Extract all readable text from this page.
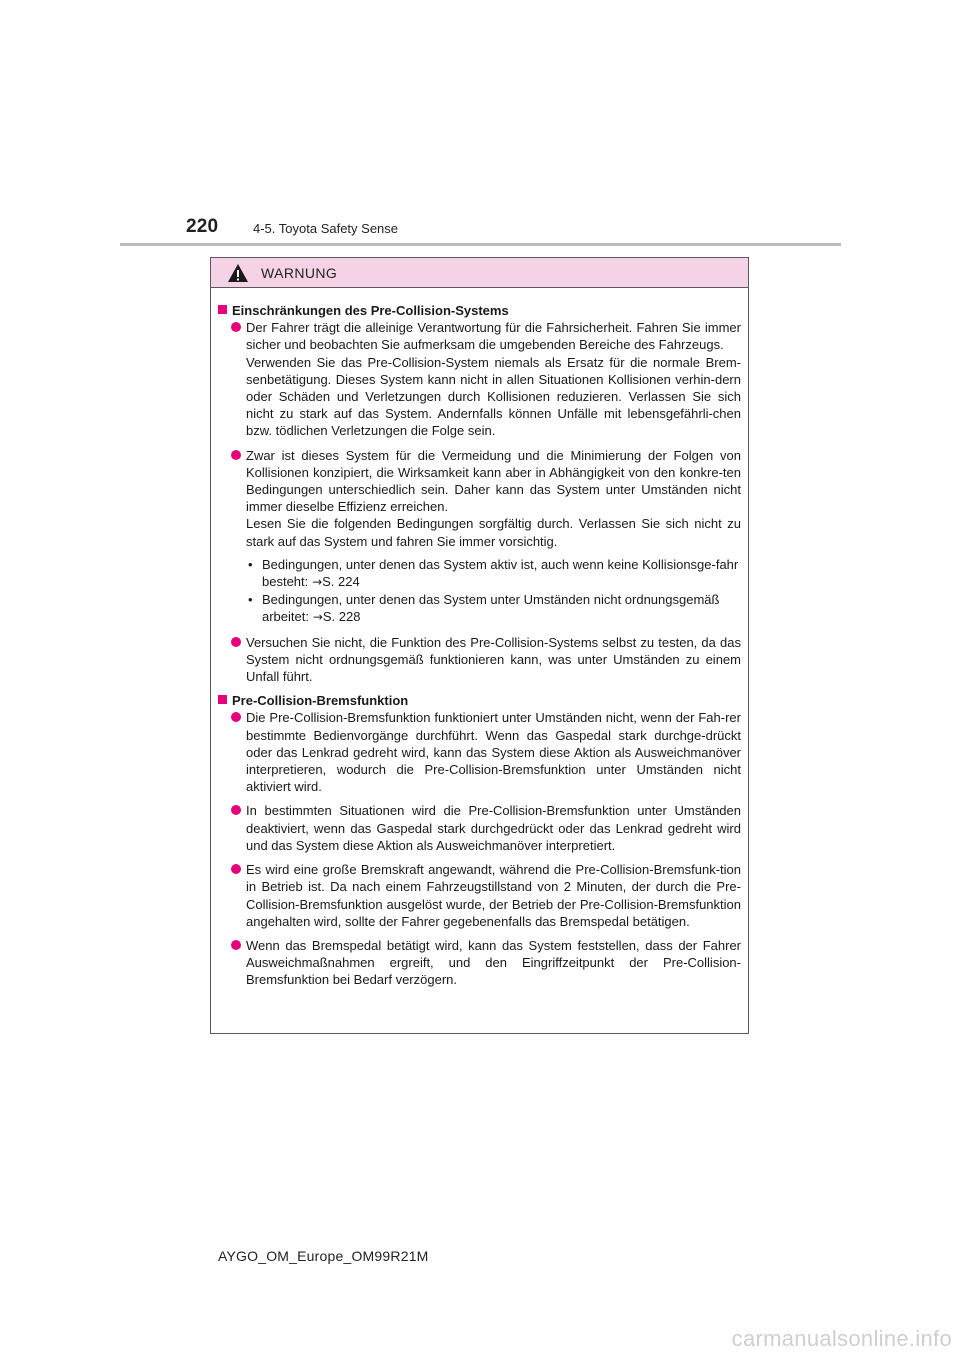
220	4-5. Toyota Safety Sense
WARNUNG
Einschränkungen des Pre-Collision-Systems
Der Fahrer trägt die alleinige Verantwortung für die Fahrsicherheit. Fahren Sie immer sicher und beobachten Sie aufmerksam die umgebenden Bereiche des Fahrzeugs.
Verwenden Sie das Pre-Collision-System niemals als Ersatz für die normale Brem-senbetätigung. Dieses System kann nicht in allen Situationen Kollisionen verhin-dern oder Schäden und Verletzungen durch Kollisionen reduzieren. Verlassen Sie sich nicht zu stark auf das System. Andernfalls können Unfälle mit lebensgefährli-chen bzw. tödlichen Verletzungen die Folge sein.
Zwar ist dieses System für die Vermeidung und die Minimierung der Folgen von Kollisionen konzipiert, die Wirksamkeit kann aber in Abhängigkeit von den konkre-ten Bedingungen unterschiedlich sein. Daher kann das System unter Umständen nicht immer dieselbe Effizienz erreichen.
Lesen Sie die folgenden Bedingungen sorgfältig durch. Verlassen Sie sich nicht zu stark auf das System und fahren Sie immer vorsichtig.
• Bedingungen, unter denen das System aktiv ist, auch wenn keine Kollisionsge-fahr besteht: →S. 224
• Bedingungen, unter denen das System unter Umständen nicht ordnungsgemäß arbeitet: →S. 228
Versuchen Sie nicht, die Funktion des Pre-Collision-Systems selbst zu testen, da das System nicht ordnungsgemäß funktionieren kann, was unter Umständen zu einem Unfall führt.
Pre-Collision-Bremsfunktion
Die Pre-Collision-Bremsfunktion funktioniert unter Umständen nicht, wenn der Fah-rer bestimmte Bedienvorgänge durchführt. Wenn das Gaspedal stark durchge-drückt oder das Lenkrad gedreht wird, kann das System diese Aktion als Ausweichmanöver interpretieren, wodurch die Pre-Collision-Bremsfunktion unter Umständen nicht aktiviert wird.
In bestimmten Situationen wird die Pre-Collision-Bremsfunktion unter Umständen deaktiviert, wenn das Gaspedal stark durchgedrückt oder das Lenkrad gedreht wird und das System diese Aktion als Ausweichmanöver interpretiert.
Es wird eine große Bremskraft angewandt, während die Pre-Collision-Bremsfunk-tion in Betrieb ist. Da nach einem Fahrzeugstillstand von 2 Minuten, der durch die Pre-Collision-Bremsfunktion ausgelöst wurde, der Betrieb der Pre-Collision-Bremsfunktion angehalten wird, sollte der Fahrer gegebenenfalls das Bremspedal betätigen.
Wenn das Bremspedal betätigt wird, kann das System feststellen, dass der Fahrer Ausweichmaßnahmen ergreift, und den Eingriffzeitpunkt der Pre-Collision-Bremsfunktion bei Bedarf verzögern.
AYGO_OM_Europe_OM99R21M
carmanualsonline.info
